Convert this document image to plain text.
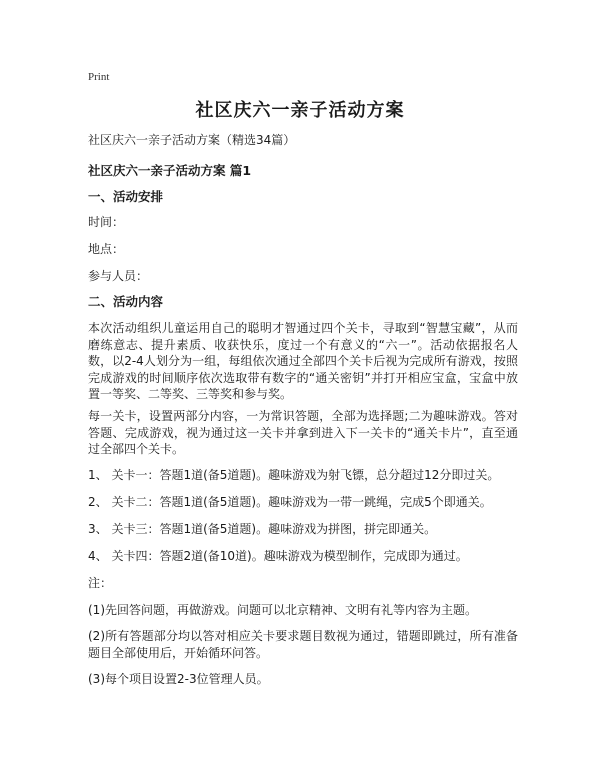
Print
社区庆六一亲子活动方案
社区庆六一亲子活动方案（精选34篇）
社区庆六一亲子活动方案 篇1
一、活动安排
时间：
地点：
参与人员：
二、活动内容
本次活动组织儿童运用自己的聪明才智通过四个关卡，寻取到“智慧宝藏”，从而磨练意志、提升素质、收获快乐，度过一个有意义的“六一”。活动依据报名人数，以2-4人划分为一组，每组依次通过全部四个关卡后视为完成所有游戏，按照完成游戏的时间顺序依次选取带有数字的“通关密钥”并打开相应宝盒，宝盒中放置一等奖、二等奖、三等奖和参与奖。
每一关卡，设置两部分内容，一为常识答题，全部为选择题;二为趣味游戏。答对答题、完成游戏，视为通过这一关卡并拿到进入下一关卡的“通关卡片”，直至通过全部四个关卡。
1、 关卡一：答题1道(备5道题)。趣味游戏为射飞镖，总分超过12分即过关。
2、 关卡二：答题1道(备5道题)。趣味游戏为一带一跳绳，完成5个即通关。
3、 关卡三：答题1道(备5道题)。趣味游戏为拼图，拼完即通关。
4、 关卡四：答题2道(备10道)。趣味游戏为模型制作，完成即为通过。
注：
(1)先回答问题，再做游戏。问题可以北京精神、文明有礼等内容为主题。
(2)所有答题部分均以答对相应关卡要求题目数视为通过，错题即跳过，所有准备题目全部使用后，开始循环问答。
(3)每个项目设置2-3位管理人员。
